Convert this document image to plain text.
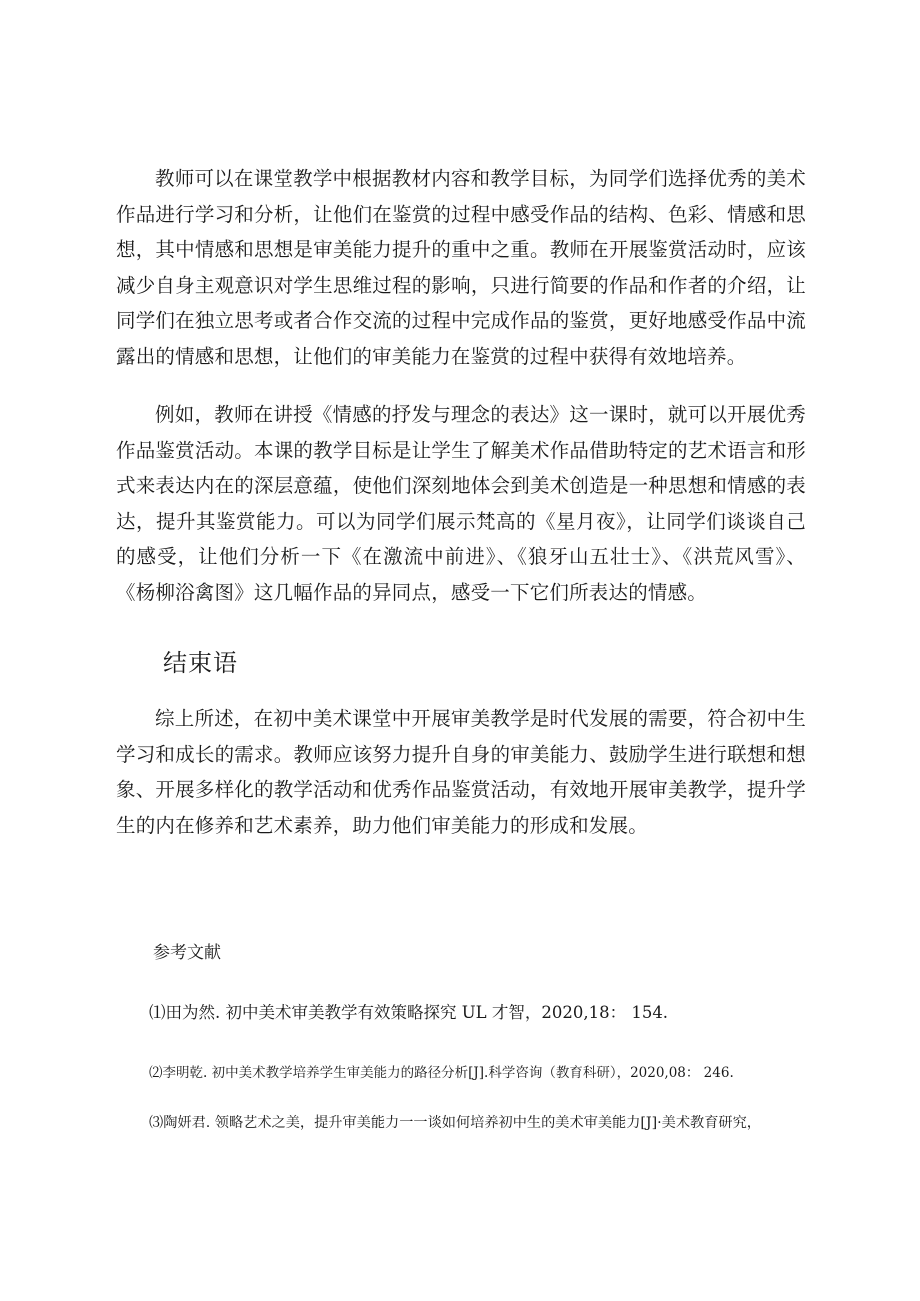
教师可以在课堂教学中根据教材内容和教学目标，为同学们选择优秀的美术作品进行学习和分析，让他们在鉴赏的过程中感受作品的结构、色彩、情感和思想，其中情感和思想是审美能力提升的重中之重。教师在开展鉴赏活动时，应该减少自身主观意识对学生思维过程的影响，只进行简要的作品和作者的介绍，让同学们在独立思考或者合作交流的过程中完成作品的鉴赏，更好地感受作品中流露出的情感和思想，让他们的审美能力在鉴赏的过程中获得有效地培养。

例如，教师在讲授《情感的抒发与理念的表达》这一课时，就可以开展优秀作品鉴赏活动。本课的教学目标是让学生了解美术作品借助特定的艺术语言和形式来表达内在的深层意蕴，使他们深刻地体会到美术创造是一种思想和情感的表达，提升其鉴赏能力。可以为同学们展示梵高的《星月夜》，让同学们谈谈自己的感受，让他们分析一下《在激流中前进》、《狼牙山五壮士》、《洪荒风雪》、《杨柳浴禽图》这几幅作品的异同点，感受一下它们所表达的情感。

结束语

综上所述，在初中美术课堂中开展审美教学是时代发展的需要，符合初中生学习和成长的需求。教师应该努力提升自身的审美能力、鼓励学生进行联想和想象、开展多样化的教学活动和优秀作品鉴赏活动，有效地开展审美教学，提升学生的内在修养和艺术素养，助力他们审美能力的形成和发展。

参考文献

⑴田为然. 初中美术审美教学有效策略探究 UL 才智，2020,18： 154.

⑵李明乾. 初中美术教学培养学生审美能力的路径分析[J].科学咨询（教育科研），2020,08： 246.

⑶陶妍君. 领略艺术之美，提升审美能力一一谈如何培养初中生的美术审美能力[J]·美术教育研究，
